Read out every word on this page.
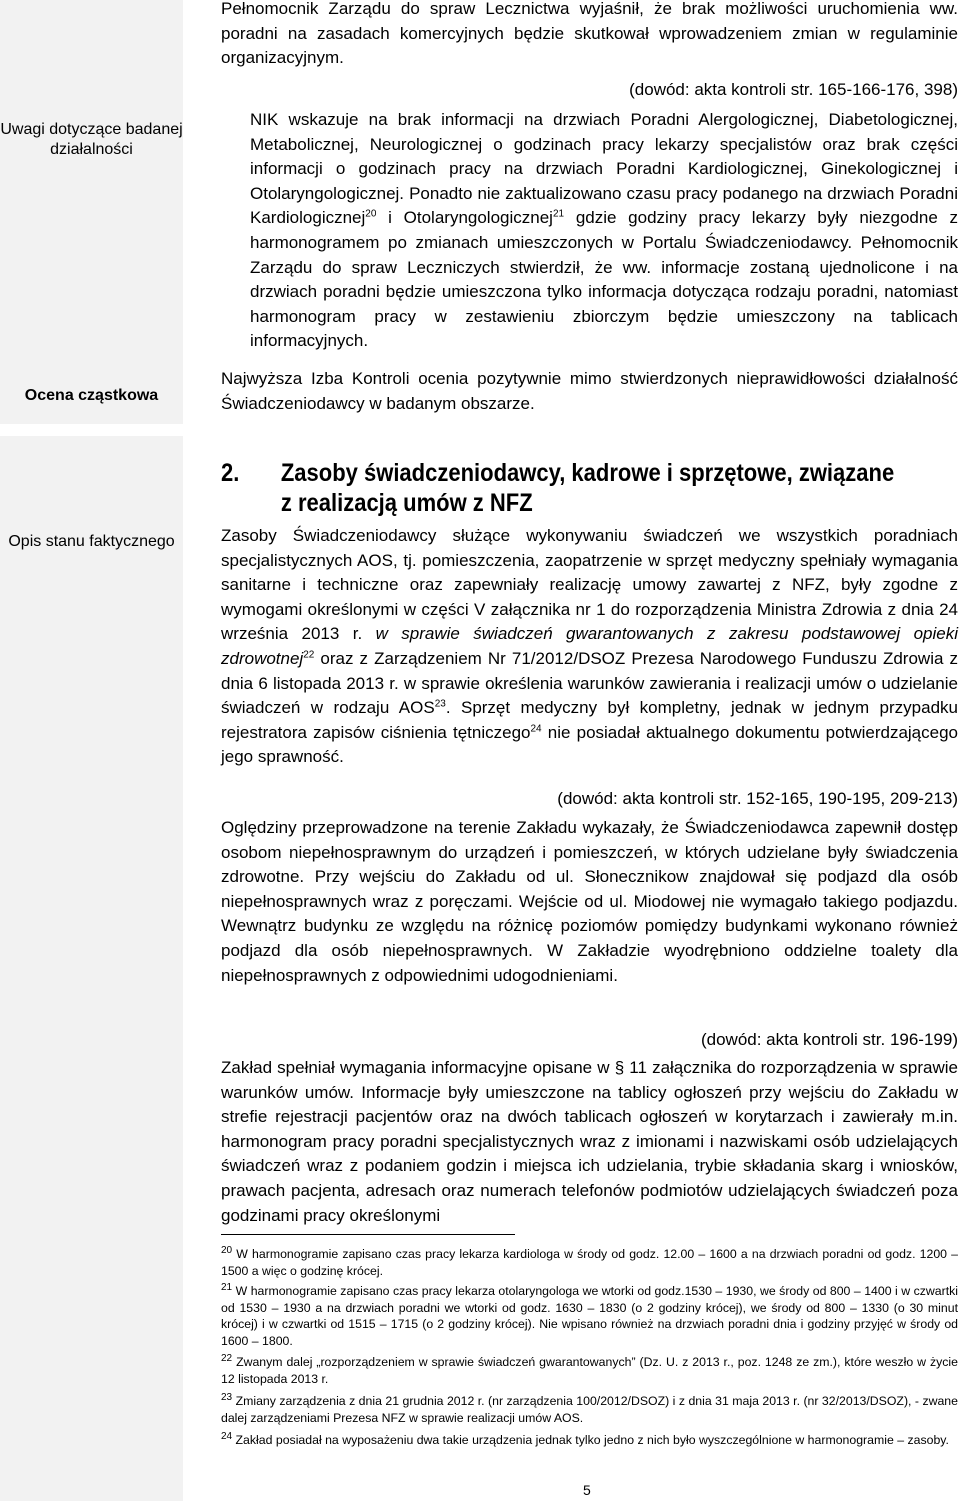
Uwagi dotyczące badanej działalności
Ocena cząstkowa
Opis stanu faktycznego

Pełnomocnik Zarządu do spraw Lecznictwa wyjaśnił, że brak możliwości uruchomienia ww. poradni na zasadach komercyjnych będzie skutkował wprowadzeniem zmian w regulaminie organizacyjnym.

(dowód: akta kontroli str. 165-166-176, 398)

NIK wskazuje na brak informacji na drzwiach Poradni Alergologicznej, Diabetologicznej, Metabolicznej, Neurologicznej o godzinach pracy lekarzy specjalistów oraz brak części informacji o godzinach pracy na drzwiach Poradni Kardiologicznej, Ginekologicznej i Otolaryngologicznej. Ponadto nie zaktualizowano czasu pracy podanego na drzwiach Poradni Kardiologicznej$^{20}$ i Otolaryngologicznej$^{21}$ gdzie godziny pracy lekarzy były niezgodne z harmonogramem po zmianach umieszczonych w Portalu Świadczeniodawcy. Pełnomocnik Zarządu do spraw Leczniczych stwierdził, że ww. informacje zostaną ujednolicone i na drzwiach poradni będzie umieszczona tylko informacja dotycząca rodzaju poradni, natomiast harmonogram pracy w zestawieniu zbiorczym będzie umieszczony na tablicach informacyjnych.

Najwyższa Izba Kontroli ocenia pozytywnie mimo stwierdzonych nieprawidłowości działalność Świadczeniodawcy w badanym obszarze.

2. Zasoby świadczeniodawcy, kadrowe i sprzętowe, związane
z realizacją umów z NFZ

Zasoby Świadczeniodawcy służące wykonywaniu świadczeń we wszystkich poradniach specjalistycznych AOS, tj. pomieszczenia, zaopatrzenie w sprzęt medyczny spełniały wymagania sanitarne i techniczne oraz zapewniały realizację umowy zawartej z NFZ, były zgodne z wymogami określonymi w części V załącznika nr 1 do rozporządzenia Ministra Zdrowia z dnia 24 września 2013 r. w sprawie świadczeń gwarantowanych z zakresu podstawowej opieki zdrowotnej$^{22}$ oraz z Zarządzeniem Nr 71/2012/DSOZ Prezesa Narodowego Funduszu Zdrowia z dnia 6 listopada 2013 r. w sprawie określenia warunków zawierania i realizacji umów o udzielanie świadczeń w rodzaju AOS$^{23}$. Sprzęt medyczny był kompletny, jednak w jednym przypadku rejestratora zapisów ciśnienia tętniczego$^{24}$ nie posiadał aktualnego dokumentu potwierdzającego jego sprawność.

(dowód: akta kontroli str. 152-165, 190-195, 209-213)

Oględziny przeprowadzone na terenie Zakładu wykazały, że Świadczeniodawca zapewnił dostęp osobom niepełnosprawnym do urządzeń i pomieszczeń, w których udzielane były świadczenia zdrowotne. Przy wejściu do Zakładu od ul. Słonecznikow znajdował się podjazd dla osób niepełnosprawnych wraz z poręczami. Wejście od ul. Miodowej nie wymagało takiego podjazdu. Wewnątrz budynku ze względu na różnicę poziomów pomiędzy budynkami wykonano również podjazd dla osób niepełnosprawnych. W Zakładzie wyodrębniono oddzielne toalety dla niepełnosprawnych z odpowiednimi udogodnieniami.

(dowód: akta kontroli str. 196-199)

Zakład spełniał wymagania informacyjne opisane w § 11 załącznika do rozporządzenia w sprawie warunków umów. Informacje były umieszczone na tablicy ogłoszeń przy wejściu do Zakładu w strefie rejestracji pacjentów oraz na dwóch tablicach ogłoszeń w korytarzach i zawierały m.in. harmonogram pracy poradni specjalistycznych wraz z imionami i nazwiskami osób udzielających świadczeń wraz z podaniem godzin i miejsca ich udzielania, trybie składania skarg i wniosków, prawach pacjenta, adresach oraz numerach telefonów podmiotów udzielających świadczeń poza godzinami pracy określonymi

$^{20}$ W harmonogramie zapisano czas pracy lekarza kardiologa w środy od godz. 12.00 – 1600 a na drzwiach poradni od godz. 1200 – 1500 a więc o godzinę krócej.

$^{21}$ W harmonogramie zapisano czas pracy lekarza otolaryngologa we wtorki od godz.1530 – 1930, we środy od 800 – 1400 i w czwartki od 1530 – 1930 a na drzwiach poradni we wtorki od godz. 1630 – 1830 (o 2 godziny krócej), we środy od 800 – 1330 (o 30 minut krócej) i w czwartki od 1515 – 1715 (o 2 godziny krócej). Nie wpisano również na drzwiach poradni dnia i godziny przyjęć w środy od 1600 – 1800.

$^{22}$ Zwanym dalej „rozporządzeniem w sprawie świadczeń gwarantowanych” (Dz. U. z 2013 r., poz. 1248 ze zm.), które weszło w życie 12 listopada 2013 r.

$^{23}$ Zmiany zarządzenia z dnia 21 grudnia 2012 r. (nr zarządzenia 100/2012/DSOZ) i z dnia 31 maja 2013 r. (nr 32/2013/DSOZ), - zwane dalej zarządzeniami Prezesa NFZ w sprawie realizacji umów AOS.

$^{24}$ Zakład posiadał na wyposażeniu dwa takie urządzenia jednak tylko jedno z nich było wyszczególnione w harmonogramie – zasoby.

5
